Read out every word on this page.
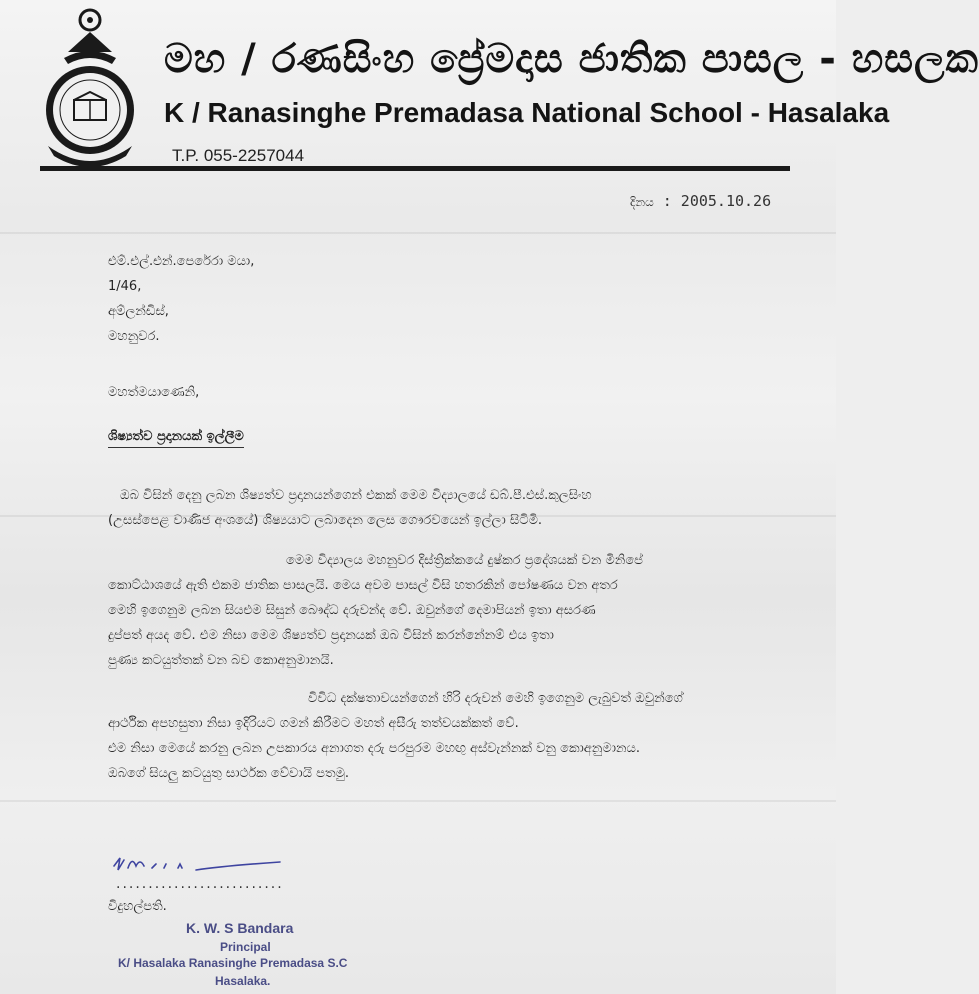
මහ / රණසිංහ ප්‍රේමදාස ජාතික පාසල - හසලක
K / Ranasinghe Premadasa National School - Hasalaka
T.P. 055-2257044
දිනය : 2005.10.26
එම්.එල්.එන්.පෙරේරා මයා,
1/46,
අම්ලන්ඩිස්,
මහනුවර.
මහත්මයාණෙනි,
ශිෂ්‍යත්ව ප්‍රදානයක් ඉල්ලීම
ඔබ විසින් දෙනු ලබන ශිෂ්‍යත්ව ප්‍රදානයන්ගෙන් එකක් මෙම විද්‍යාලයේ ඩබ්.පී.එස්.කුලසිංහ
(උසස්පෙළ වාණිජ අංශයේ) ශිෂ්‍යයාට ලබාදෙන ලෙස ගෞරවයෙන් ඉල්ලා සිටිමි.
මෙම විද්‍යාලය මහනුවර දිස්ත්‍රික්කයේ දුෂ්කර ප්‍රදේශයක් වන මිනිපේ
කොට්ඨාශයේ ඇති එකම ජාතික පාසලයි. මෙය අවම පාසල් විසි හතරකින් පෝෂණය වන අතර
මෙහි ඉගෙනුම ලබන සියළුම සිසුන් බෞද්ධ දරුවන්ද වේ. ඔවුන්ගේ දෙමාපියන් ඉතා අසරණ
දුප්පත් අයද වේ. එම නිසා මෙම ශිෂ්‍යත්ව ප්‍රදානයක් ඔබ විසින් කරන්නේනම් එය ඉතා
පුණ්‍ය කටයුත්තක් වන බව කොඅනුමානයි.
විවිධ දක්ෂතාවයන්ගෙන් හිරි දරුවන් මෙහි ඉගෙනුම ලැබුවත් ඔවුන්ගේ
ආර්ථික අපහසුතා නිසා ඉදිරියට ගමන් කිරීමට මහත් අසීරු තත්වයක්කත් වේ.
එම නිසා මෙයේ කරනු ලබන උපකාරය අනාගත දරු පරපුරම මහඟු අස්වැන්නක් වනු කොඅනුමානය.
ඔබගේ සියලු කටයුතු සාර්ථක වේවායි පතමු.
..........................
විදුහල්පති.
K. W. S Bandara
Principal
K/ Hasalaka Ranasinghe Premadasa S.C
Hasalaka.
